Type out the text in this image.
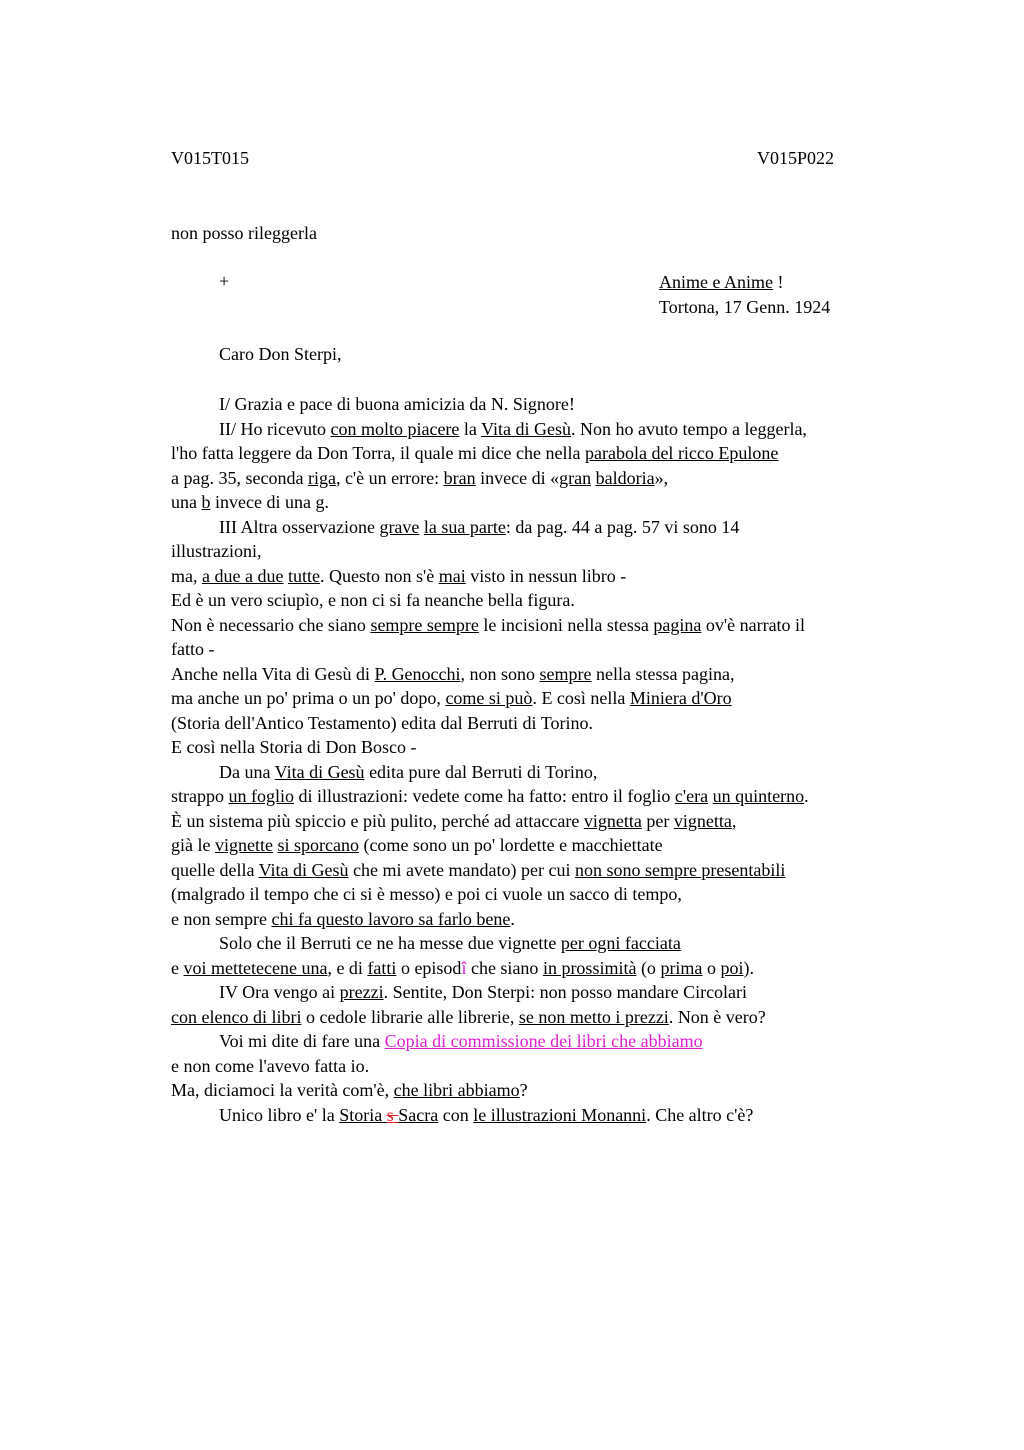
V015T015	V015P022
non posso rileggerla
+	Anime e Anime !
Tortona, 17 Genn. 1924
Caro Don Sterpi,
I/ Grazia e pace di buona amicizia da N. Signore!
II/ Ho ricevuto con molto piacere la Vita di Gesù. Non ho avuto tempo a leggerla,
l'ho fatta leggere da Don Torra, il quale mi dice che nella parabola del ricco Epulone
a pag. 35, seconda riga, c'è un errore: bran invece di «gran baldoria»,
una b invece di una g.
III Altra osservazione grave la sua parte: da pag. 44 a pag. 57 vi sono 14
illustrazioni,
ma, a due a due tutte. Questo non s'è mai visto in nessun libro -
Ed è un vero sciupìo, e non ci si fa neanche bella figura.
Non è necessario che siano sempre sempre le incisioni nella stessa pagina ov'è narrato il
fatto -
Anche nella Vita di Gesù di P. Genocchi, non sono sempre nella stessa pagina,
ma anche un po' prima o un po' dopo, come si può. E così nella Miniera d'Oro
(Storia dell'Antico Testamento) edita dal Berruti di Torino.
E così nella Storia di Don Bosco -
Da una Vita di Gesù edita pure dal Berruti di Torino,
strappo un foglio di illustrazioni: vedete come ha fatto: entro il foglio c'era un quinterno.
È un sistema più spiccio e più pulito, perché ad attaccare vignetta per vignetta,
già le vignette si sporcano (come sono un po' lordette e macchiettate
quelle della Vita di Gesù che mi avete mandato) per cui non sono sempre presentabili
(malgrado il tempo che ci si è messo) e poi ci vuole un sacco di tempo,
e non sempre chi fa questo lavoro sa farlo bene.
Solo che il Berruti ce ne ha messe due vignette per ogni facciata
e voi mettetecene una, e di fatti o episodî che siano in prossimità (o prima o poi).
IV Ora vengo ai prezzi. Sentite, Don Sterpi: non posso mandare Circolari
con elenco di libri o cedole librarie alle librerie, se non metto i prezzi. Non è vero?
Voi mi dite di fare una Copia di commissione dei libri che abbiamo
e non come l'avevo fatta io.
Ma, diciamoci la verità com'è, che libri abbiamo?
Unico libro e' la Storia s Sacra con le illustrazioni Monanni. Che altro c'è?
